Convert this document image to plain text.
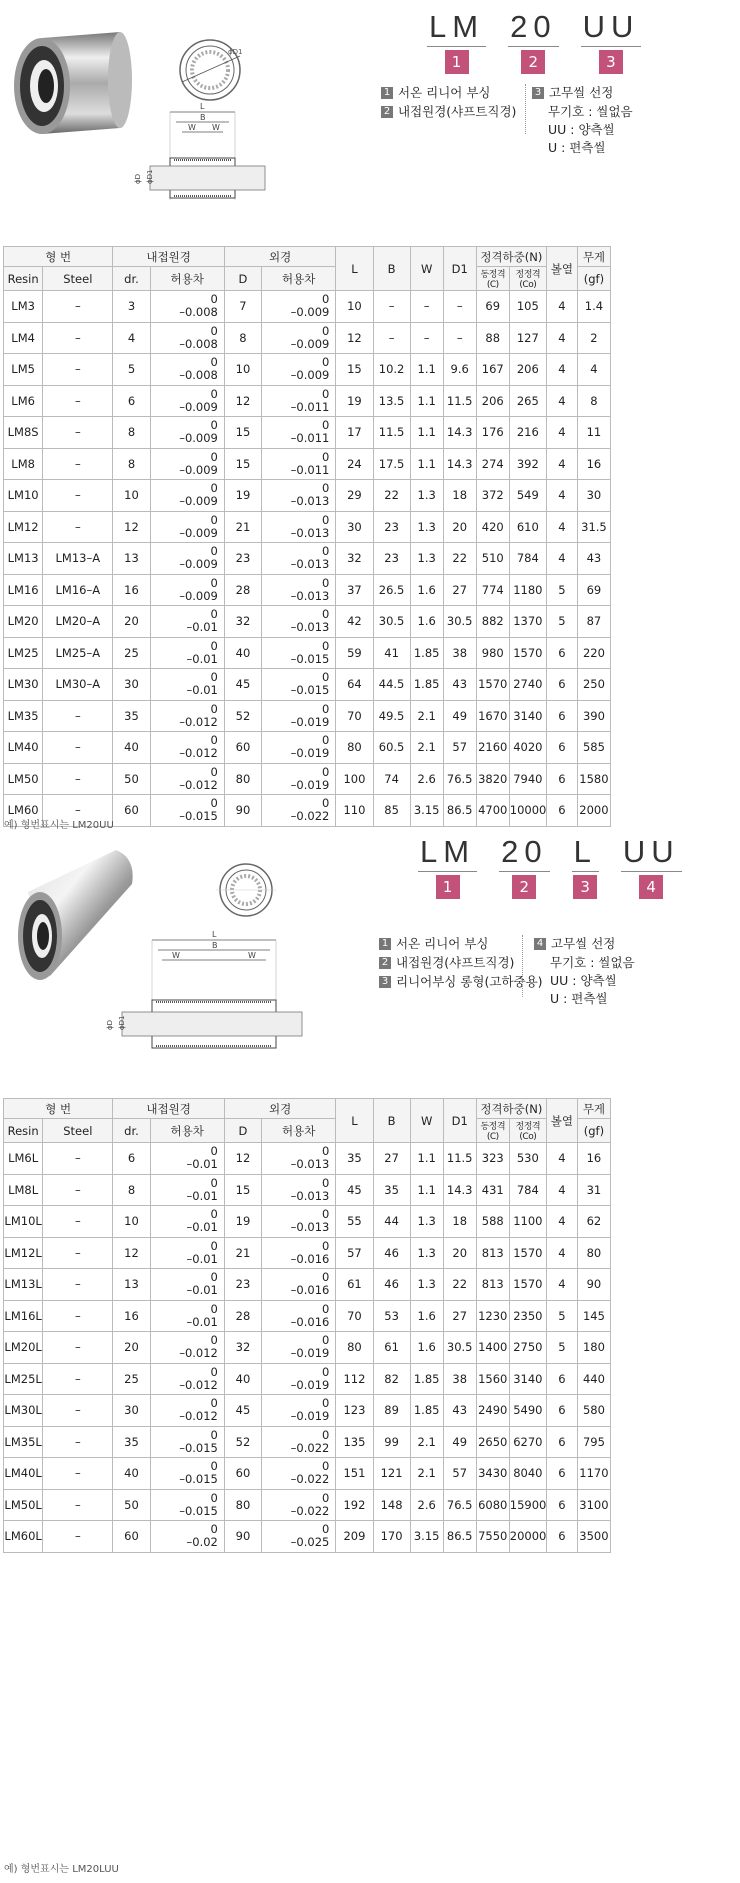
ϕD1
L
B
W W
ϕD ϕD1
LM
1
20
2
UU
3
1 서온 리니어 부싱
2 내접원경(샤프트직경)
3 고무씰 선정
무기호 : 씰없음
UU : 양측씰
U : 편측씰
형 번		내접원경		외경		L	B	W	D1	정격하중(N)		볼열	무게
Resin	Steel	dr.	허용차	D	허용차					동정격(C)	정정격(Co)		(gf)
LM3	–	3	0
–0.008	7	0
–0.009	10	–	–	–	69	105	4	1.4
LM4	–	4	0
–0.008	8	0
–0.009	12	–	–	–	88	127	4	2
LM5	–	5	0
–0.008	10	0
–0.009	15	10.2	1.1	9.6	167	206	4	4
LM6	–	6	0
–0.009	12	0
–0.011	19	13.5	1.1	11.5	206	265	4	8
LM8S	–	8	0
–0.009	15	0
–0.011	17	11.5	1.1	14.3	176	216	4	11
LM8	–	8	0
–0.009	15	0
–0.011	24	17.5	1.1	14.3	274	392	4	16
LM10	–	10	0
–0.009	19	0
–0.013	29	22	1.3	18	372	549	4	30
LM12	–	12	0
–0.009	21	0
–0.013	30	23	1.3	20	420	610	4	31.5
LM13	LM13–A	13	0
–0.009	23	0
–0.013	32	23	1.3	22	510	784	4	43
LM16	LM16–A	16	0
–0.009	28	0
–0.013	37	26.5	1.6	27	774	1180	5	69
LM20	LM20–A	20	0
–0.01	32	0
–0.013	42	30.5	1.6	30.5	882	1370	5	87
LM25	LM25–A	25	0
–0.01	40	0
–0.015	59	41	1.85	38	980	1570	6	220
LM30	LM30–A	30	0
–0.01	45	0
–0.015	64	44.5	1.85	43	1570	2740	6	250
LM35	–	35	0
–0.012	52	0
–0.019	70	49.5	2.1	49	1670	3140	6	390
LM40	–	40	0
–0.012	60	0
–0.019	80	60.5	2.1	57	2160	4020	6	585
LM50	–	50	0
–0.012	80	0
–0.019	100	74	2.6	76.5	3820	7940	6	1580
LM60	–	60	0
–0.015	90	0
–0.022	110	85	3.15	86.5	4700	10000	6	2000
예) 형번표시는 LM20UU
L
B
W	W
ϕD ϕD1
LM
1
20
2
L
3
UU
4
1 서온 리니어 부싱
2 내접원경(샤프트직경)
3 리니어부싱 롱형(고하중용)
4 고무씰 선정
무기호 : 씰없음
UU : 양측씰
U : 편측씰
형 번		내접원경		외경		L	B	W	D1	정격하중(N)		볼열	무게
Resin	Steel	dr.	허용차	D	허용차					동정격(C)	정정격(Co)		(gf)
LM6L	–	6	0
–0.01	12	0
–0.013	35	27	1.1	11.5	323	530	4	16
LM8L	–	8	0
–0.01	15	0
–0.013	45	35	1.1	14.3	431	784	4	31
LM10L	–	10	0
–0.01	19	0
–0.013	55	44	1.3	18	588	1100	4	62
LM12L	–	12	0
–0.01	21	0
–0.016	57	46	1.3	20	813	1570	4	80
LM13L	–	13	0
–0.01	23	0
–0.016	61	46	1.3	22	813	1570	4	90
LM16L	–	16	0
–0.01	28	0
–0.016	70	53	1.6	27	1230	2350	5	145
LM20L	–	20	0
–0.012	32	0
–0.019	80	61	1.6	30.5	1400	2750	5	180
LM25L	–	25	0
–0.012	40	0
–0.019	112	82	1.85	38	1560	3140	6	440
LM30L	–	30	0
–0.012	45	0
–0.019	123	89	1.85	43	2490	5490	6	580
LM35L	–	35	0
–0.015	52	0
–0.022	135	99	2.1	49	2650	6270	6	795
LM40L	–	40	0
–0.015	60	0
–0.022	151	121	2.1	57	3430	8040	6	1170
LM50L	–	50	0
–0.015	80	0
–0.022	192	148	2.6	76.5	6080	15900	6	3100
LM60L	–	60	0
–0.02	90	0
–0.025	209	170	3.15	86.5	7550	20000	6	3500
예) 형번표시는 LM20LUU
